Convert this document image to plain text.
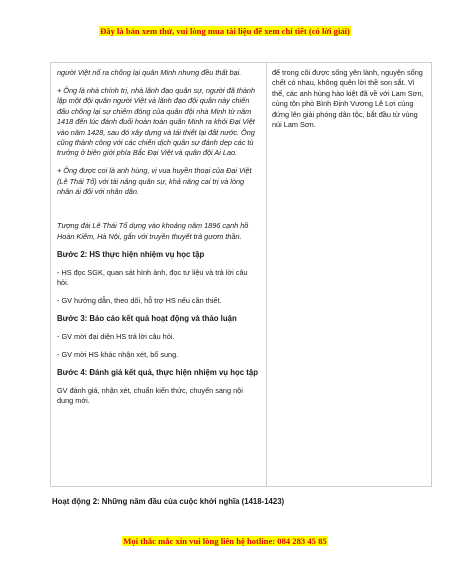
Đây là bản xem thử, vui lòng mua tài liệu để xem chi tiết (có lời giải)

người Việt nổ ra chống lại quân Minh nhưng đều thất bại.

+ Ông là nhà chính trị, nhà lãnh đạo quân sự, người đã thành lập một đội quân người Việt và lãnh đạo đội quân này chiến đấu chống lại sự chiếm đóng của quân đội nhà Minh từ năm 1418 đến lúc đánh đuổi hoàn toàn quân Minh ra khỏi Đại Việt vào năm 1428, sau đó xây dựng và tái thiết lại đất nước. Ông cũng thành công với các chiến dịch quân sự đánh dẹp các tù trưởng ở biên giới phía Bắc Đại Việt và quân đội Ai Lao.

+ Ông được coi là anh hùng, vị vua huyền thoại của Đại Việt (Lê Thái Tổ) với tài năng quân sự, khả năng cai trị và lòng nhân ái đối với nhân dân.

Tượng đài Lê Thái Tổ dựng vào khoảng năm 1896 cạnh hồ Hoàn Kiếm, Hà Nội, gắn với truyền thuyết trả gươm thần.

Bước 2: HS thực hiện nhiệm vụ học tập

- HS đọc SGK, quan sát hình ảnh, đọc tư liệu và trả lời câu hỏi.

- GV hướng dẫn, theo dõi, hỗ trợ HS nếu cần thiết.

Bước 3: Báo cáo kết quả hoạt động và thảo luận

- GV mời đại diện HS trả lời câu hỏi.

- GV mời HS khác nhận xét, bổ sung.

Bước 4: Đánh giá kết quả, thực hiện nhiệm vụ học tập

GV đánh giá, nhận xét, chuẩn kiến thức, chuyển sang nội dung mới.

để trong cõi được sống yên lành, nguyện sống chết có nhau, không quên lời thề son sắt. Vì thế, các anh hùng hào kiệt đã về với Lam Sơn, cùng tôn phò Bình Định Vương Lê Lợi cùng đứng lên giải phóng dân tộc, bắt đầu từ vùng núi Lam Sơn.

Hoạt động 2: Những năm đầu của cuộc khởi nghĩa (1418-1423)
Mọi thắc mắc xin vui lòng liên hệ hotline: 084 283 45 85
